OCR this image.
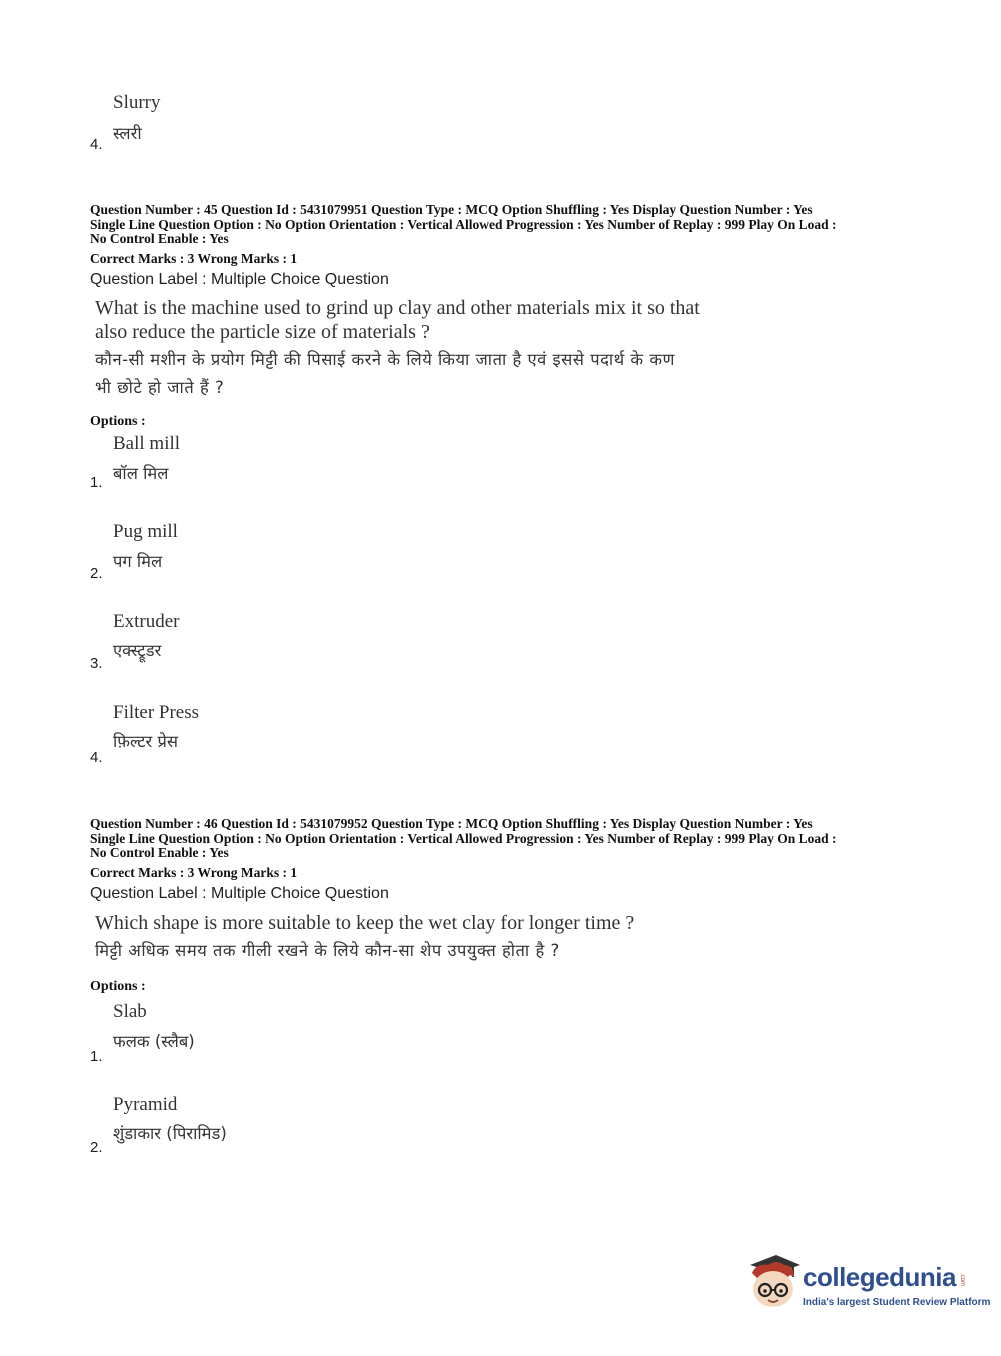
Slurry
स्लरी
4.
Question Number : 45 Question Id : 5431079951 Question Type : MCQ Option Shuffling : Yes Display Question Number : Yes
Single Line Question Option : No Option Orientation : Vertical Allowed Progression : Yes Number of Replay : 999 Play On Load :
No Control Enable : Yes
Correct Marks : 3 Wrong Marks : 1
Question Label : Multiple Choice Question
What is the machine used to grind up clay and other materials mix it so that
also reduce the particle size of materials ?
कौन-सी मशीन के प्रयोग मिट्टी की पिसाई करने के लिये किया जाता है एवं इससे पदार्थ के कण
भी छोटे हो जाते हैं ?
Options :
Ball mill
बॉल मिल
1.
Pug mill
पग मिल
2.
Extruder
एक्स्ट्रूडर
3.
Filter Press
फ़िल्टर प्रेस
4.
Question Number : 46 Question Id : 5431079952 Question Type : MCQ Option Shuffling : Yes Display Question Number : Yes
Single Line Question Option : No Option Orientation : Vertical Allowed Progression : Yes Number of Replay : 999 Play On Load :
No Control Enable : Yes
Correct Marks : 3 Wrong Marks : 1
Question Label : Multiple Choice Question
Which shape is more suitable to keep the wet clay for longer time ?
मिट्टी अधिक समय तक गीली रखने के लिये कौन-सा शेप उपयुक्त होता है ?
Options :
Slab
फलक (स्लैब)
1.
Pyramid
शुंडाकार (पिरामिड)
2.
collegedunia .com
India's largest Student Review Platform
